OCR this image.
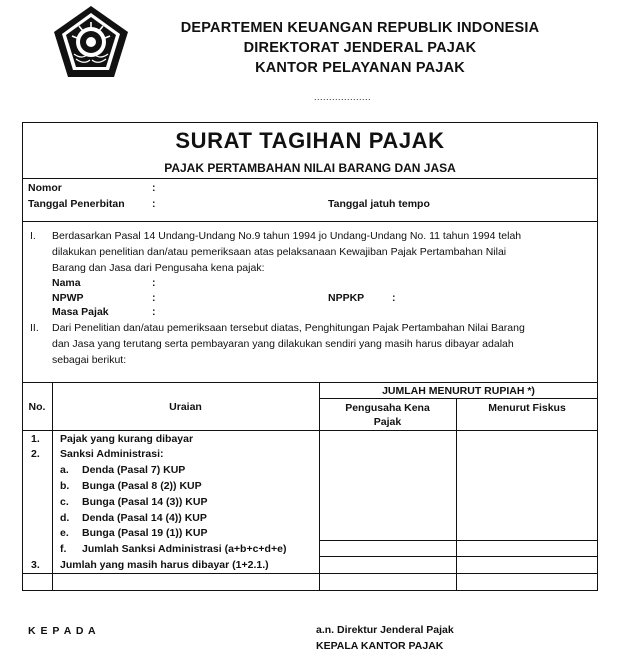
DEPARTEMEN KEUANGAN REPUBLIK INDONESIA
DIREKTORAT JENDERAL PAJAK
KANTOR PELAYANAN PAJAK
...................
SURAT TAGIHAN PAJAK
PAJAK PERTAMBAHAN NILAI BARANG DAN JASA
Nomor	:
Tanggal Penerbitan	:	Tanggal jatuh tempo
I. Berdasarkan Pasal 14 Undang-Undang No.9 tahun 1994 jo Undang-Undang No. 11 tahun 1994 telah
dilakukan penelitian dan/atau pemeriksaan atas pelaksanaan Kewajiban Pajak Pertambahan Nilai
Barang dan Jasa dari Pengusaha kena pajak:
Nama	:
NPWP	:	NPPKP	:
Masa Pajak	:
II. Dari Penelitian dan/atau pemeriksaan tersebut diatas, Penghitungan Pajak Pertambahan Nilai Barang
dan Jasa yang terutang serta pembayaran yang dilakukan sendiri yang masih harus dibayar adalah
sebagai berikut:
No.	Uraian
JUMLAH MENURUT RUPIAH *)
Pengusaha Kena
Pajak
Menurut Fiskus
1. Pajak yang kurang dibayar
2. Sanksi Administrasi:
a. Denda (Pasal 7) KUP
b. Bunga (Pasal 8 (2)) KUP
c. Bunga (Pasal 14 (3)) KUP
d. Denda (Pasal 14 (4)) KUP
e. Bunga (Pasal 19 (1)) KUP
f. Jumlah Sanksi Administrasi (a+b+c+d+e)
3. Jumlah yang masih harus dibayar (1+2.1.)
K E P A D A	a.n. Direktur Jenderal Pajak
KEPALA KANTOR PAJAK
